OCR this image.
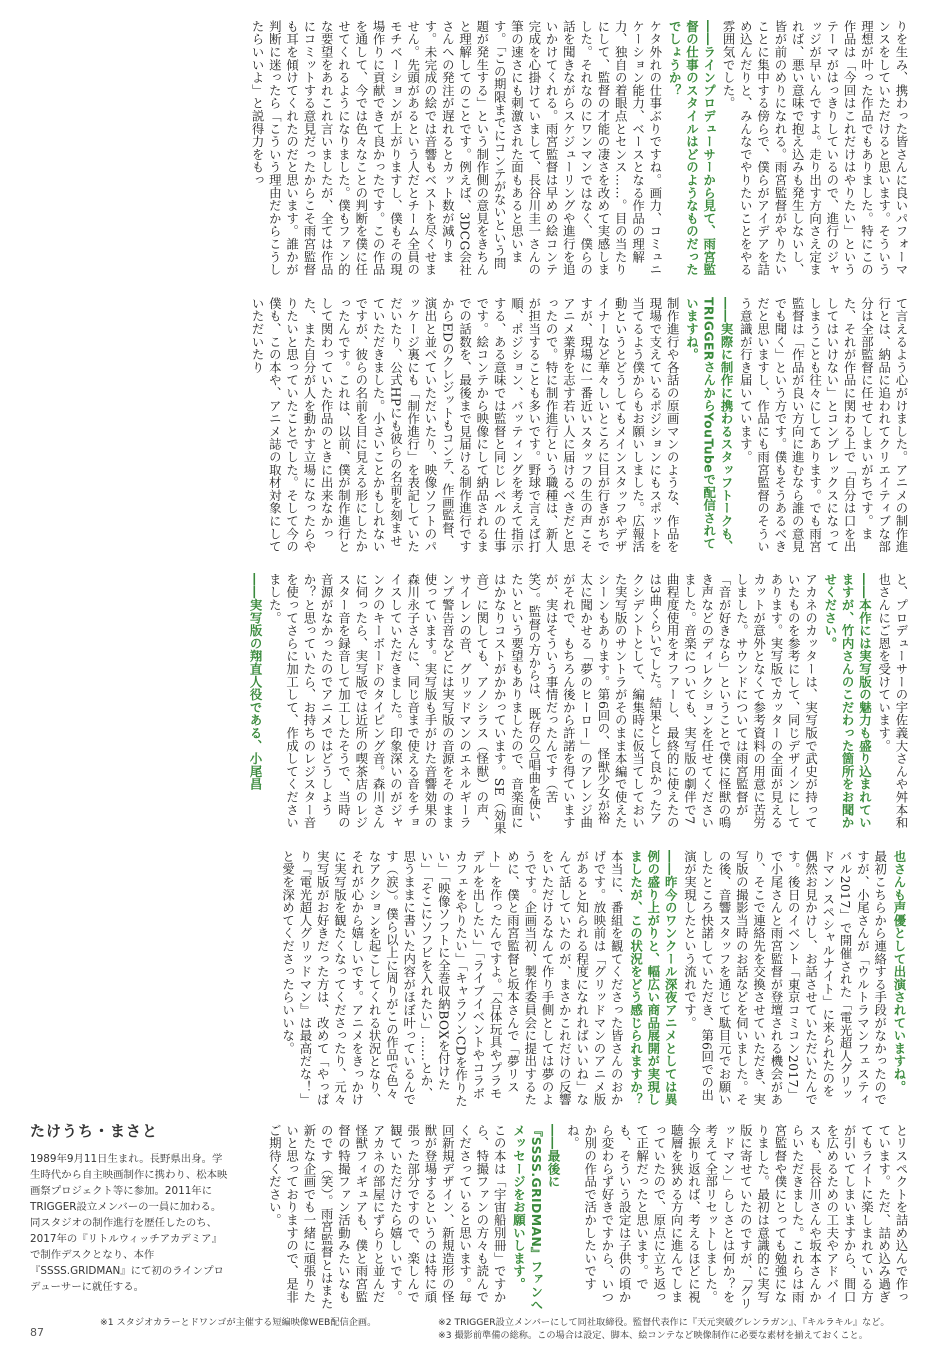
りを生み、携わった皆さんに良いパフォーマンスをしていただけると思います。そういう理想が叶った作品でもありました。特にこの作品は「今回はこれだけはやりたい」というテーマがはっきりしているので、進行のジャッジが早いんですよ。走り出す方向さえ定まれば、悪い意味で抱え込みも発生しないし、皆が前のめりになれる。雨宮監督がやりたいことに集中する傍らで、僕らがアイデアを詰め込んだりと、みんなでやりたいことをやる雰囲気でした。

――ラインプロデューサーから見て、雨宮監督の仕事のスタイルはどのようなものだったでしょうか？

ケタ外れの仕事ぶりですね。画力、コミュニケーション能力、ベースとなる作品の理解力、独自の着眼点とセンス……。目の当たりにして、監督の才能の凄さを改めて実感しました。それなのにワンマンではなく、僕らの話を聞きながらスケジューリングや進行を追いかけてくれる。雨宮監督は早めの絵コンテ完成を心掛けていまして、長谷川圭一さんの筆の速さにも刺激された面もあると思います。「この期限までにコンテがないという問題が発生する」という制作側の意見をきちんと理解してのことです。例えば、3DCG会社さんへの発注が遅れるとカット数が減ります。未完成の絵では音響もベストを尽くせません。先頭があるという人だとチーム全員のモチベーションが上がりますし、僕もその現場作りに貢献できて良かったです。この作品を通して、今では色々なことの判断を僕に任せてくれるようになりました。僕もファン的な要望をあれこれ言いましたが、全ては作品にコミットする意見だったからこそ雨宮監督も耳を傾けてくれたのだと思います。誰かが判断に迷ったら「こういう理由だからこうしたらいいよ」と説得力をもっ

て言えるよう心がけました。アニメの制作進行とは、納品に追われてクリエイティブな部分は全部監督に任せてしまいがちです。また、それが作品に関わる上で「自分は口を出してはいけない」とコンプレックスになってしまうことも往々にしてあります。でも雨宮監督は「作品が良い方向に進むなら誰の意見でも聞く」という方です。僕もそうあるべきだと思いますし、作品にも雨宮監督のそういう意識が行き届いています。

――実際に制作に携わるスタッフトークも、TRIGGERさんからYouTubeで配信されていますね。

制作進行や各話の原画マンのような、作品を現場で支えているポジションにもスポットを当てるよう僕からもお願いしました。広報活動というとどうしてもメインスタッフやデザイナーなど華々しいところに目が行きがちですが、現場に一番近いスタッフの生の声こそアニメ業界を志す若い人に届けるべきだと思ったので。特に制作進行という職種は、新人が担当することも多いです。野球で言えば打順、ポジション、バッティングを考えて指示する、ある意味では監督と同じレベルの仕事です。絵コンテから映像にして納品されるまでの話数を、最後まで見届ける制作進行ですからEDのクレジットもコンテ、作画監督、演出と並べていただいたり、映像ソフトのパッケージ裏にも「制作進行」を表記していただいたり、公式HPにも彼らの名前を刻ませていただきました。小さいことかもしれないですが、彼らの名前を目に見える形にしたかったんです。これは、以前、僕が制作進行として関わっていた作品のときに出来なかった、また自分が人を動かす立場になったらやりたいと思っていたことでした。そして今の僕も、この本や、アニメ誌の取材対象にしていただいたり

と、プロデューサーの宇佐義大さんや舛本和也さんにご恩を受けています。

――本作には実写版の魅力も盛り込まれていますが、竹内さんのこだわった箇所をお聞かせください。

アカネのカッターは、実写版で武史が持っていたものを参考にして、同じデザインにしてあります。実写版でカッターの全面が見えるカットが意外となくて参考資料の用意に苦労しました。サウンドについては雨宮監督が「音が好きなら」ということで僕に怪獣の鳴き声などのディレクションを任せてくださいました。音楽についても、実写版の劇伴で7曲程度使用をオファーし、最終的に使えたのは3曲くらいでした。結果として良かったアクシデントとして、編集時に仮当てしておいた実写版のサントラがそのまま本編で使えたシーンもあります。第6回の、怪獣少女が裕太に聞かせる「夢のヒーロー」のアレンジ曲がそれで、もちろん後から許諾を得ていますが、実はそういう事情だったんです（苦笑）。監督の方からは、既存の合唱曲を使いたいという要望もありましたので、音楽面にはかなりコストがかかっています。SE（効果音）に関しても、アノシラス（怪獣）の声、サイレンの音、グリッドマンのエネルギーランプ警告音などには実写版の音源をそのまま使っています。実写版も手がけた音響効果の森川永子さんに、同じ音まで使える音をチョイスしていただきました。印象深いのがジャンクのキーボードのタイピング音。森川さんに伺ったら、実写版では近所の喫茶店のレジスター音を録音して加工したそうで、当時の音源がなかったのでアニメではどうしようか？と思っていたら、お持ちのレジスター音を使ってさらに加工して、作成してくださいました。

――実写版の翔直人役である、小尾昌

也さんも声優として出演されていますね。

最初こちらから連絡する手段がなかったのですが、小尾さんが「ウルトラマンフェスティバル2017」で開催された「電光超人グリッドマン スペシャルナイト」に来られたのを偶然お見かけし、お話させていただいたんです。後日のイベント「東京コミコン2017」で小尾さんと雨宮監督が登壇される機会があり、そこで連絡先を交換させていただき、実写版の撮影当時のお話などを伺いました。その後、音響スタッフを通じて駄目元でお願いしたところ快諾していただき、第6回での出演が実現したという流れです。

――昨今のワンクール深夜アニメとしては異例の盛り上がりと、幅広い商品展開が実現しましたが、この状況をどう感じられますか？

本当に、番組を観てくださった皆さんのおかげです。放映前は「グリッドマンのアニメ版があると知られる程度になれればいいね」なんて話していたのが、まさかこれだけの反響をいただけるなんて作り手側としては夢のようです。企画当初、製作委員会に提出するために、僕と雨宮監督と坂本さんで「夢リスト」を作ったんですよ。「合体玩具やプラモデルを出したい」「ライブイベントやコラボカフェをやりたい」「キャラソンCDを作りたい」「映像ソフトに全巻収納BOXを付けたい」「そこにソフビを入れたい」……とか、思うままに書いた内容がほぼ叶っているんです（涙）。僕ら以上に周りがこの作品で色々なアクションを起こしてくれる状況となり、それが心から嬉しいです。アニメをきっかけに実写版を観たくなってくださったり、元々実写版がお好きだった方は、改めて「やっぱり『電光超人グリッドマン』は最高だな！」と愛を深めてくださったらいいな。

とリスペクトを詰め込んで作っています。ただ、詰め込み過ぎてもライトに楽しまれている方が引いてしまいますから、間口を広めるための工夫やアドバイスも、長谷川さんや坂本さんからいただきました。これらは雨宮監督や僕にとっても勉強になりました。最初は意識的に実写版に寄せていたのですが、「グリッドマン」らしさとは何か？を考えて全部リセットしました。今振り返れば、考えるほどに視聴層を狭める方向に進んでしまっていたので、原点に立ち返って正解だったと思います。でも、そういう設定は子供の頃から変わらず好きですから、いつか別の作品で活かしたいですね。

――最後に『SSSS.GRIDMAN』ファンへメッセージをお願いします。

この本は「宇宙船別冊」ですから、特撮ファンの方々も読んでくださっていると思います。毎回新規デザイン、新規造形の怪獣が登場するというのは特に頑張った部分ですので、楽しんで観ていただけたら嬉しいです。アカネの部屋にずらりと並んだ怪獣フィギュアも、僕と雨宮監督の特撮ファン活動みたいなものです（笑）。雨宮監督とはまた新たな企画でも一緒に頑張りたいと思っておりますので、是非ご期待ください。

たけうち・まさと
1989年9月11日生まれ。長野県出身。学生時代から自主映画制作に携わり、松本映画祭プロジェクト等に参加。2011年にTRIGGER設立メンバーの一員に加わる。同スタジオの制作進行を歴任したのち、2017年の『リトルウィッチアカデミア』で制作デスクとなり、本作『SSSS.GRIDMAN』にて初のラインプロデューサーに就任する。
87
※1 スタジオカラーとドワンゴが主催する短編映像WEB配信企画。	※2 TRIGGER設立メンバーにして同社取締役。監督代表作に『天元突破グレンラガン』、『キルラキル』など。
※3 撮影前準備の総称。この場合は設定、脚本、絵コンテなど映像制作に必要な素材を揃えておくこと。
